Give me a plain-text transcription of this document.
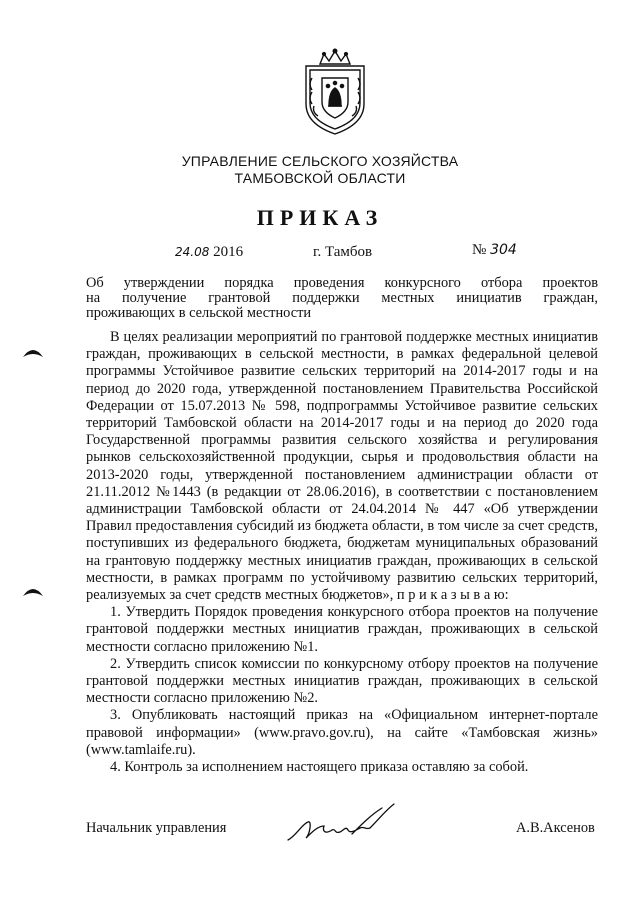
УПРАВЛЕНИЕ СЕЛЬСКОГО ХОЗЯЙСТВА
ТАМБОВСКОЙ ОБЛАСТИ
ПРИКАЗ
24.08 2016	г. Тамбов	№ 304
Об утверждении порядка проведения конкурсного отбора проектов
на получение грантовой поддержки местных инициатив граждан,
проживающих в сельской местности

В целях реализации мероприятий по грантовой поддержке местных инициатив граждан, проживающих в сельской местности, в рамках федеральной целевой программы Устойчивое развитие сельских территорий на 2014-2017 годы и на период до 2020 года, утвержденной постановлением Правительства Российской Федерации от 15.07.2013 № 598, подпрограммы Устойчивое развитие сельских территорий Тамбовской области на 2014-2017 годы и на период до 2020 года Государственной программы развития сельского хозяйства и регулирования рынков сельскохозяйственной продукции, сырья и продовольствия области на 2013-2020 годы, утвержденной постановлением администрации области от 21.11.2012 №1443 (в редакции от 28.06.2016), в соответствии с постановлением администрации Тамбовской области от 24.04.2014 № 447 «Об утверждении Правил предоставления субсидий из бюджета области, в том числе за счет средств, поступивших из федерального бюджета, бюджетам муниципальных образований на грантовую поддержку местных инициатив граждан, проживающих в сельской местности, в рамках программ по устойчивому развитию сельских территорий, реализуемых за счет средств местных бюджетов», п р и к а з ы в а ю:

1. Утвердить Порядок проведения конкурсного отбора проектов на получение грантовой поддержки местных инициатив граждан, проживающих в сельской местности согласно приложению №1.

2. Утвердить список комиссии по конкурсному отбору проектов на получение грантовой поддержки местных инициатив граждан, проживающих в сельской местности согласно приложению №2.

3. Опубликовать настоящий приказ на «Официальном интернет-портале правовой информации» (www.pravo.gov.ru), на сайте «Тамбовская жизнь» (www.tamlaife.ru).

4. Контроль за исполнением настоящего приказа оставляю за собой.

Начальник управления	А.В.Аксенов
